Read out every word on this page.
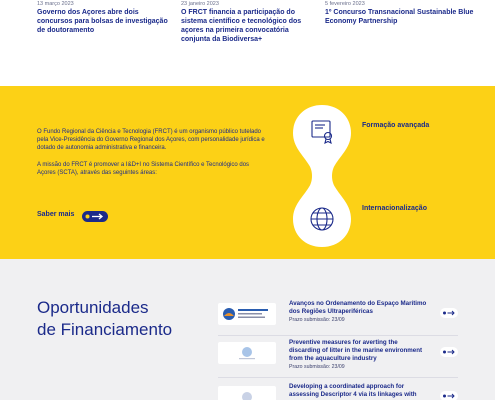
13 março 2023
Governo dos Açores abre dois concursos para bolsas de investigação de doutoramento
23 janeiro 2023
O FRCT financia a participação do sistema científico e tecnológico dos açores na primeira convocatória conjunta da Biodiversa+
5 fevereiro 2023
1º Concurso Transnacional Sustainable Blue Economy Partnership

O Fundo Regional da Ciência e Tecnologia (FRCT) é um organismo público tutelado pela Vice-Presidência do Governo Regional dos Açores, com personalidade jurídica e dotado de autonomia administrativa e financeira.

A missão do FRCT é promover a I&D+I no Sistema Científico e Tecnológico dos Açores (SCTA), através das seguintes áreas:

Saber mais
Formação avançada
Internacionalização
Oportunidades
de Financiamento
Avanços no Ordenamento do Espaço Marítimo dos Regiões Ultraperiféricas
Prazo submissão: 23/09
Preventive measures for averting the discarding of litter in the marine environment from the aquaculture industry
Prazo submissão: 23/09
Developing a coordinated approach for assessing Descriptor 4 via its linkages with
